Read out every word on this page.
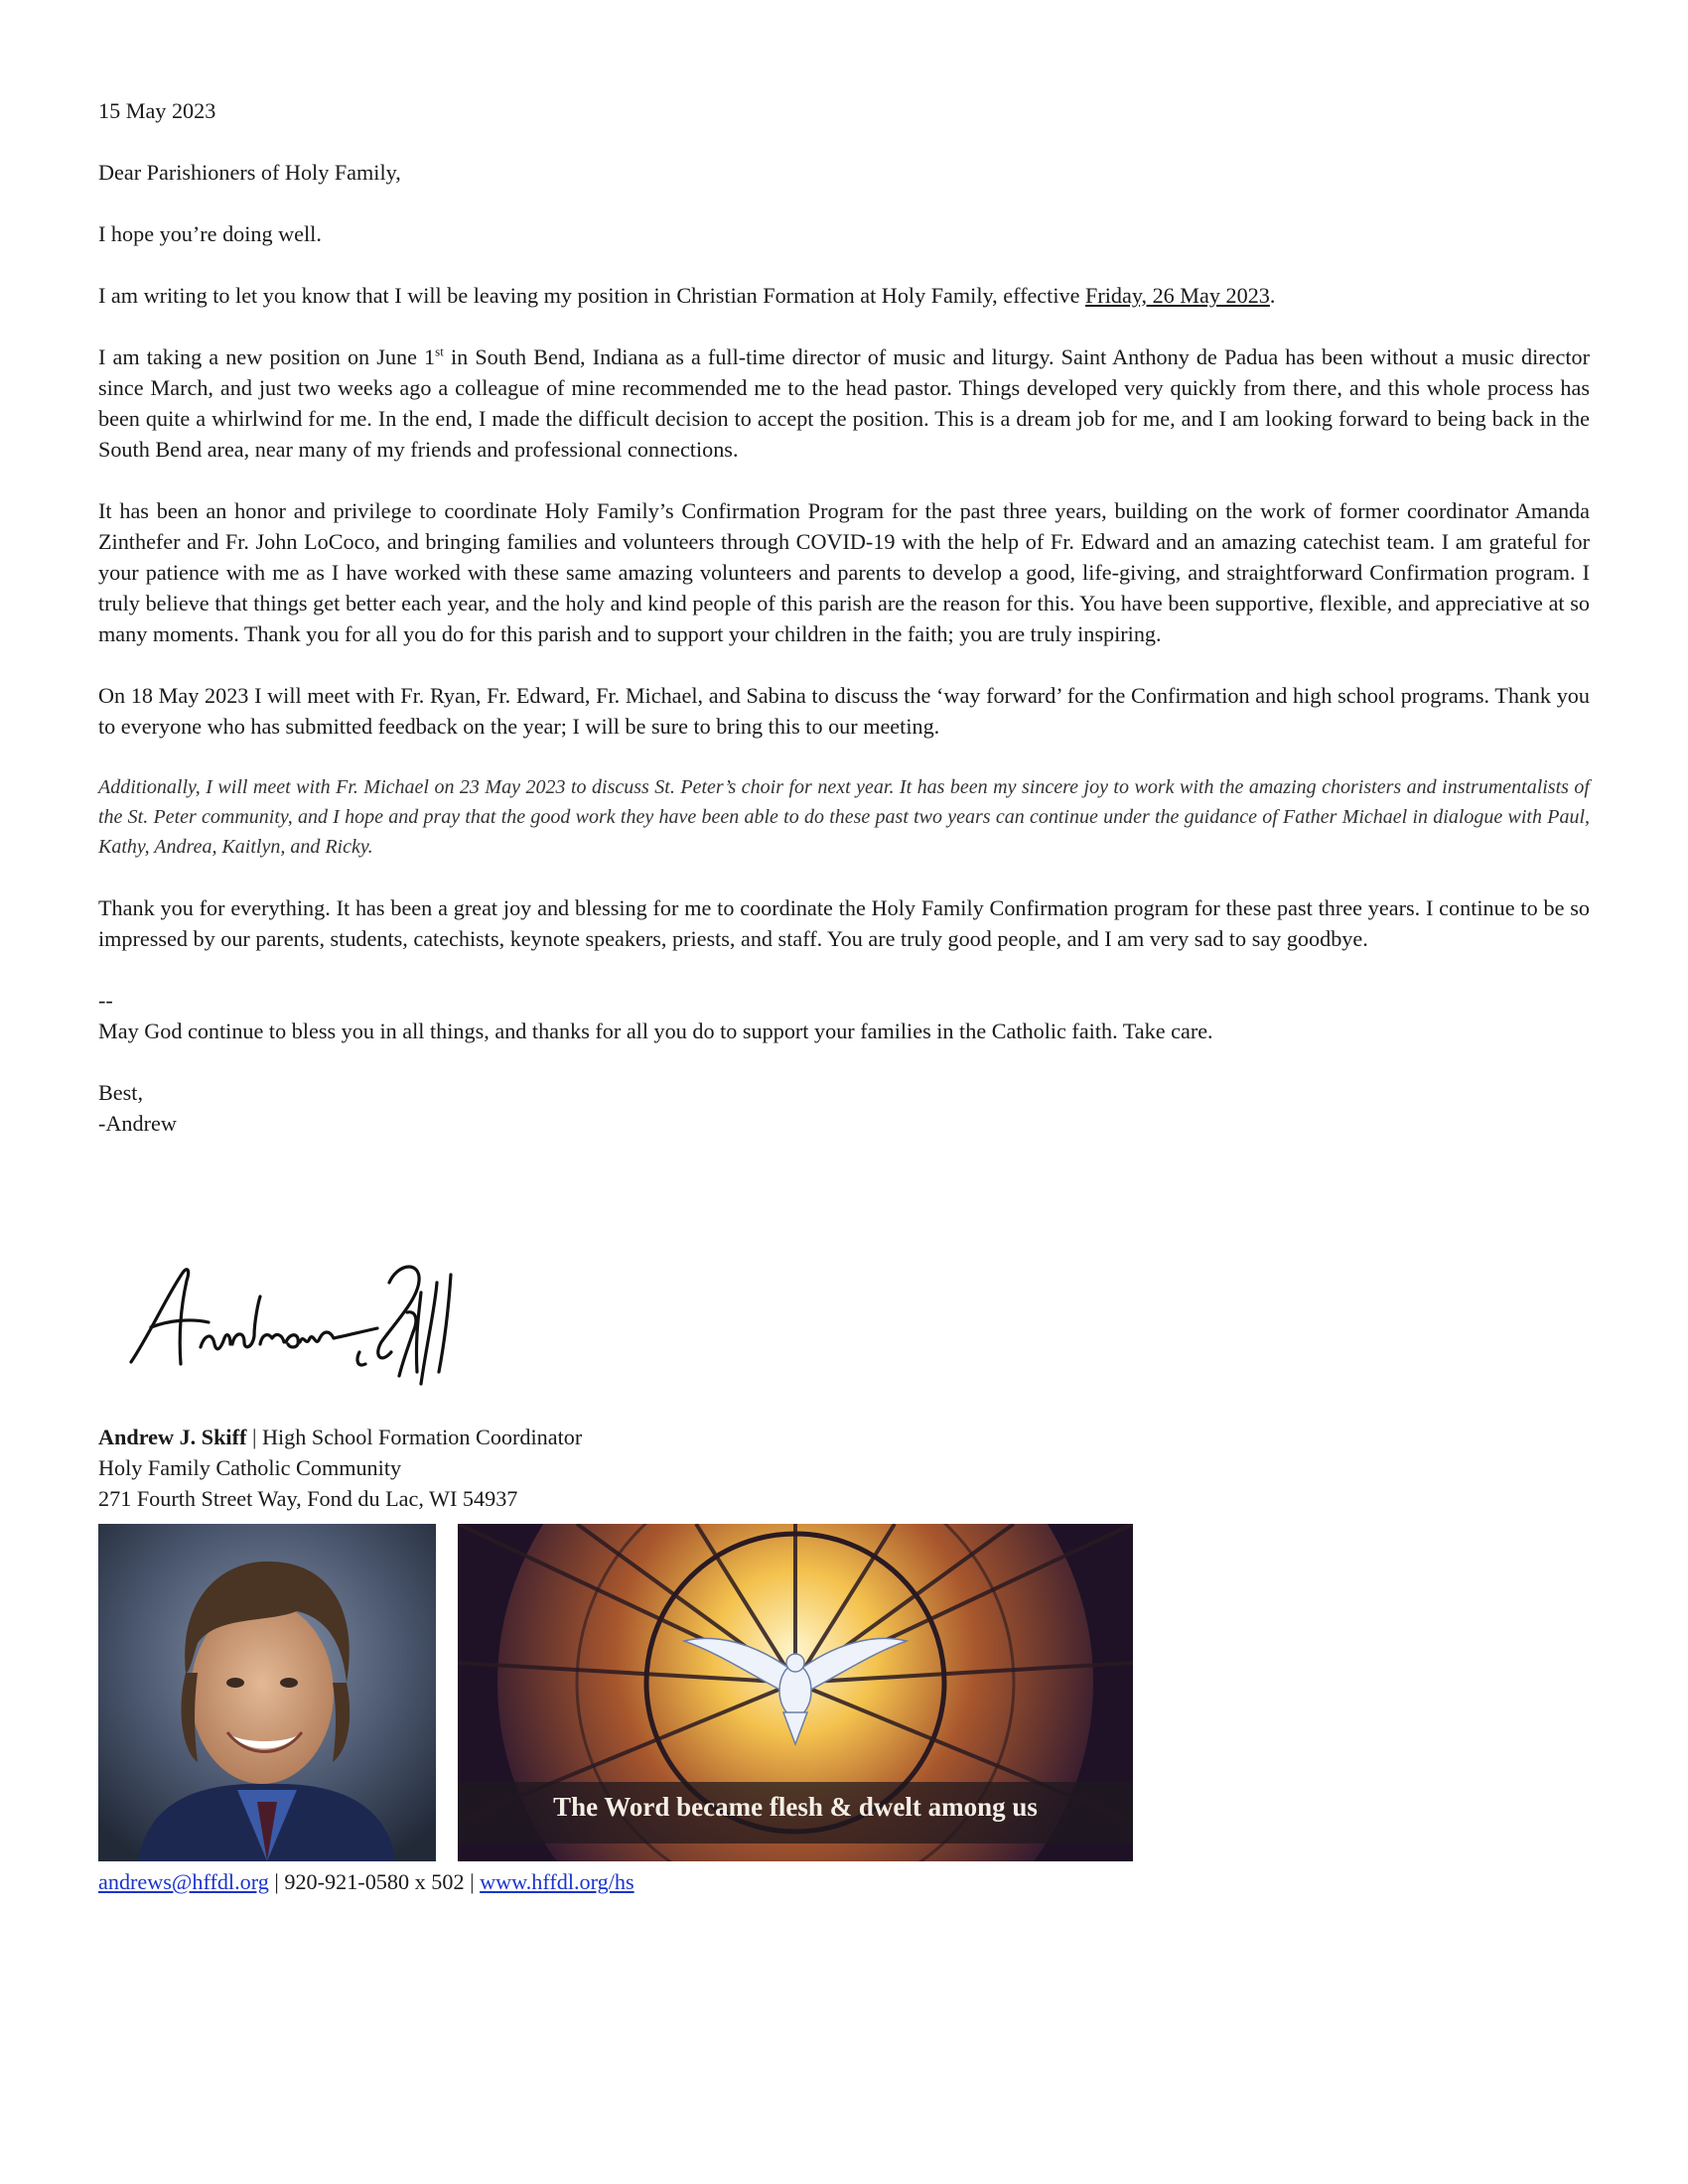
15 May 2023

Dear Parishioners of Holy Family,

I hope you’re doing well.

I am writing to let you know that I will be leaving my position in Christian Formation at Holy Family, effective Friday, 26 May 2023.

I am taking a new position on June 1st in South Bend, Indiana as a full-time director of music and liturgy. Saint Anthony de Padua has been without a music director since March, and just two weeks ago a colleague of mine recommended me to the head pastor. Things developed very quickly from there, and this whole process has been quite a whirlwind for me. In the end, I made the difficult decision to accept the position. This is a dream job for me, and I am looking forward to being back in the South Bend area, near many of my friends and professional connections.

It has been an honor and privilege to coordinate Holy Family’s Confirmation Program for the past three years, building on the work of former coordinator Amanda Zinthefer and Fr. John LoCoco, and bringing families and volunteers through COVID-19 with the help of Fr. Edward and an amazing catechist team. I am grateful for your patience with me as I have worked with these same amazing volunteers and parents to develop a good, life-giving, and straightforward Confirmation program. I truly believe that things get better each year, and the holy and kind people of this parish are the reason for this. You have been supportive, flexible, and appreciative at so many moments. Thank you for all you do for this parish and to support your children in the faith; you are truly inspiring.

On 18 May 2023 I will meet with Fr. Ryan, Fr. Edward, Fr. Michael, and Sabina to discuss the ‘way forward’ for the Confirmation and high school programs. Thank you to everyone who has submitted feedback on the year; I will be sure to bring this to our meeting.

Additionally, I will meet with Fr. Michael on 23 May 2023 to discuss St. Peter’s choir for next year. It has been my sincere joy to work with the amazing choristers and instrumentalists of the St. Peter community, and I hope and pray that the good work they have been able to do these past two years can continue under the guidance of Father Michael in dialogue with Paul, Kathy, Andrea, Kaitlyn, and Ricky.

Thank you for everything. It has been a great joy and blessing for me to coordinate the Holy Family Confirmation program for these past three years. I continue to be so impressed by our parents, students, catechists, keynote speakers, priests, and staff. You are truly good people, and I am very sad to say goodbye.

--

May God continue to bless you in all things, and thanks for all you do to support your families in the Catholic faith. Take care.

Best,

-Andrew

Andrew J. Skiff | High School Formation Coordinator
Holy Family Catholic Community
271 Fourth Street Way, Fond du Lac, WI 54937
The Word became flesh & dwelt among us
andrews@hffdl.org | 920-921-0580 x 502 | www.hffdl.org/hs
